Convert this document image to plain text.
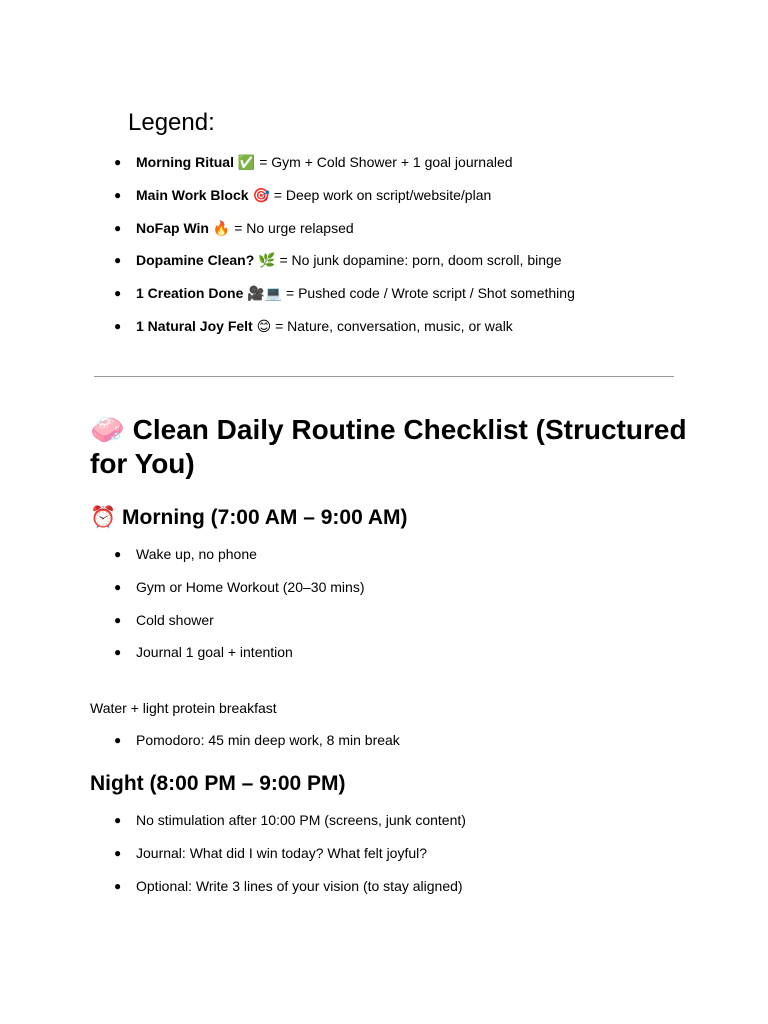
Legend:
● Morning Ritual ✅ = Gym + Cold Shower + 1 goal journaled
● Main Work Block 🎯 = Deep work on script/website/plan
● NoFap Win 🔥 = No urge relapsed
● Dopamine Clean? 🌿 = No junk dopamine: porn, doom scroll, binge
● 1 Creation Done 🎥💻 = Pushed code / Wrote script / Shot something
● 1 Natural Joy Felt 😊 = Nature, conversation, music, or walk
🧼 Clean Daily Routine Checklist (Structured for You)
⏰ Morning (7:00 AM – 9:00 AM)
● Wake up, no phone
● Gym or Home Workout (20–30 mins)
● Cold shower
● Journal 1 goal + intention

Water + light protein breakfast

● Pomodoro: 45 min deep work, 8 min break
Night (8:00 PM – 9:00 PM)
● No stimulation after 10:00 PM (screens, junk content)
● Journal: What did I win today? What felt joyful?
● Optional: Write 3 lines of your vision (to stay aligned)
